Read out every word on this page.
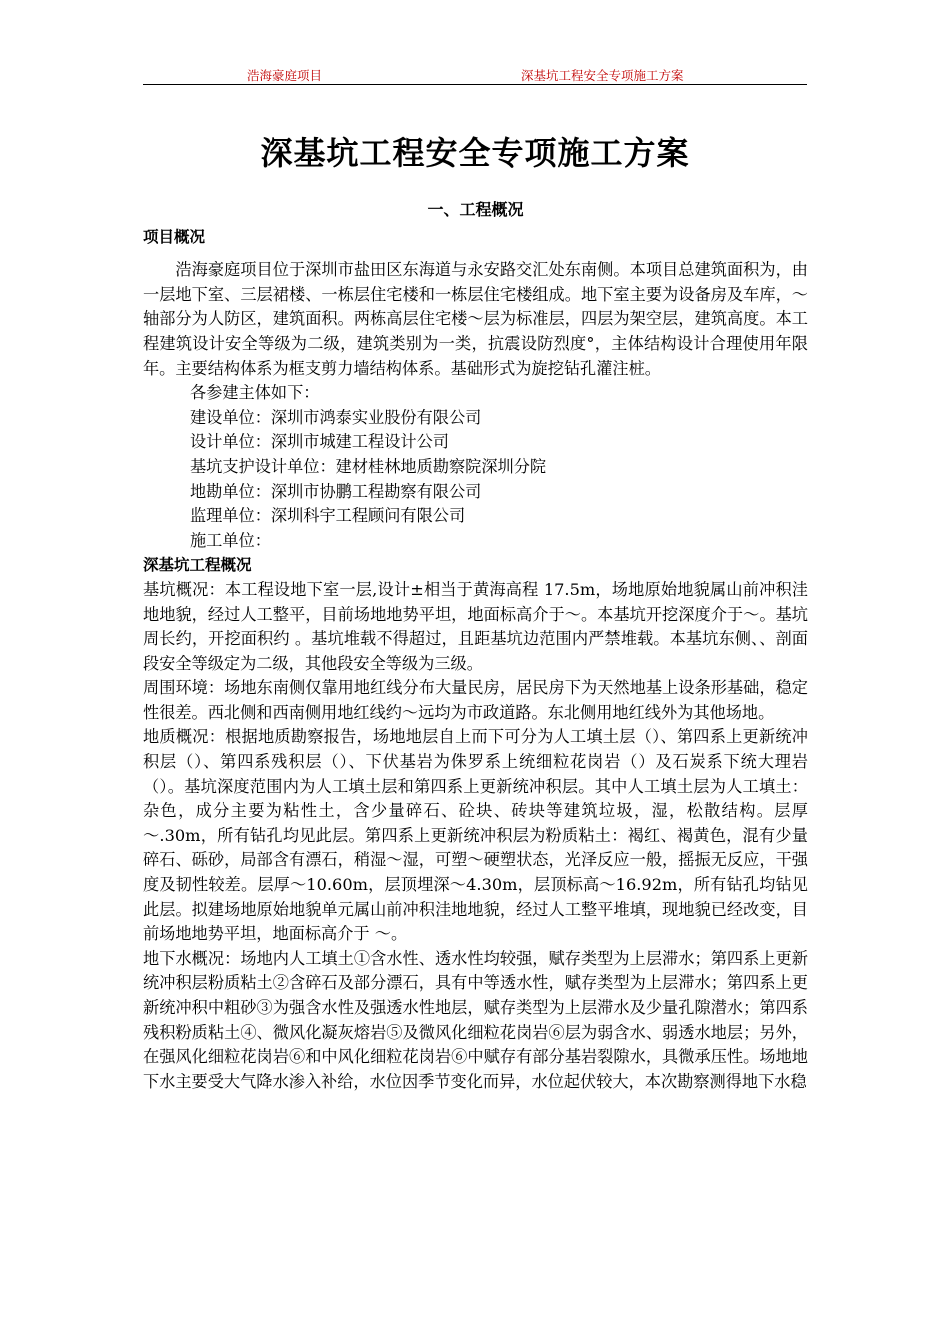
浩海豪庭项目	深基坑工程安全专项施工方案
深基坑工程安全专项施工方案
一、工程概况
项目概况

浩海豪庭项目位于深圳市盐田区东海道与永安路交汇处东南侧。本项目总建筑面积为，由一层地下室、三层裙楼、一栋层住宅楼和一栋层住宅楼组成。地下室主要为设备房及车库，～轴部分为人防区，建筑面积。两栋高层住宅楼～层为标准层，四层为架空层，建筑高度。本工程建筑设计安全等级为二级，建筑类别为一类，抗震设防烈度°，主体结构设计合理使用年限年。主要结构体系为框支剪力墙结构体系。基础形式为旋挖钻孔灌注桩。

各参建主体如下：

建设单位：深圳市鸿泰实业股份有限公司

设计单位：深圳市城建工程设计公司

基坑支护设计单位：建材桂林地质勘察院深圳分院

地勘单位：深圳市协鹏工程勘察有限公司

监理单位：深圳科宇工程顾问有限公司

施工单位：

深基坑工程概况

基坑概况：本工程设地下室一层,设计±相当于黄海高程 17.5m，场地原始地貌属山前冲积洼地地貌，经过人工整平，目前场地地势平坦，地面标高介于～。本基坑开挖深度介于～。基坑周长约，开挖面积约 。基坑堆载不得超过，且距基坑边范围内严禁堆载。本基坑东侧、、剖面段安全等级定为二级，其他段安全等级为三级。

周围环境：场地东南侧仅靠用地红线分布大量民房，居民房下为天然地基上设条形基础，稳定性很差。西北侧和西南侧用地红线约～远均为市政道路。东北侧用地红线外为其他场地。

地质概况：根据地质勘察报告，场地地层自上而下可分为人工填土层（）、第四系上更新统冲积层（）、第四系残积层（）、下伏基岩为侏罗系上统细粒花岗岩（）及石炭系下统大理岩（）。基坑深度范围内为人工填土层和第四系上更新统冲积层。其中人工填土层为人工填土：杂色，成分主要为粘性土，含少量碎石、砼块、砖块等建筑垃圾，湿，松散结构。层厚～.30m，所有钻孔均见此层。第四系上更新统冲积层为粉质粘土：褐红、褐黄色，混有少量碎石、砾砂，局部含有漂石，稍湿～湿，可塑～硬塑状态，光泽反应一般，摇振无反应，干强度及韧性较差。层厚～10.60m，层顶埋深～4.30m，层顶标高～16.92m，所有钻孔均钻见此层。拟建场地原始地貌单元属山前冲积洼地地貌，经过人工整平堆填，现地貌已经改变，目前场地地势平坦，地面标高介于 ～。

地下水概况：场地内人工填土①含水性、透水性均较强，赋存类型为上层滞水；第四系上更新统冲积层粉质粘土②含碎石及部分漂石，具有中等透水性，赋存类型为上层滞水；第四系上更新统冲积中粗砂③为强含水性及强透水性地层，赋存类型为上层滞水及少量孔隙潜水；第四系残积粉质粘土④、微风化凝灰熔岩⑤及微风化细粒花岗岩⑥层为弱含水、弱透水地层；另外，在强风化细粒花岗岩⑥和中风化细粒花岗岩⑥中赋存有部分基岩裂隙水，具微承压性。场地地下水主要受大气降水渗入补给，水位因季节变化而异，水位起伏较大，本次勘察测得地下水稳
